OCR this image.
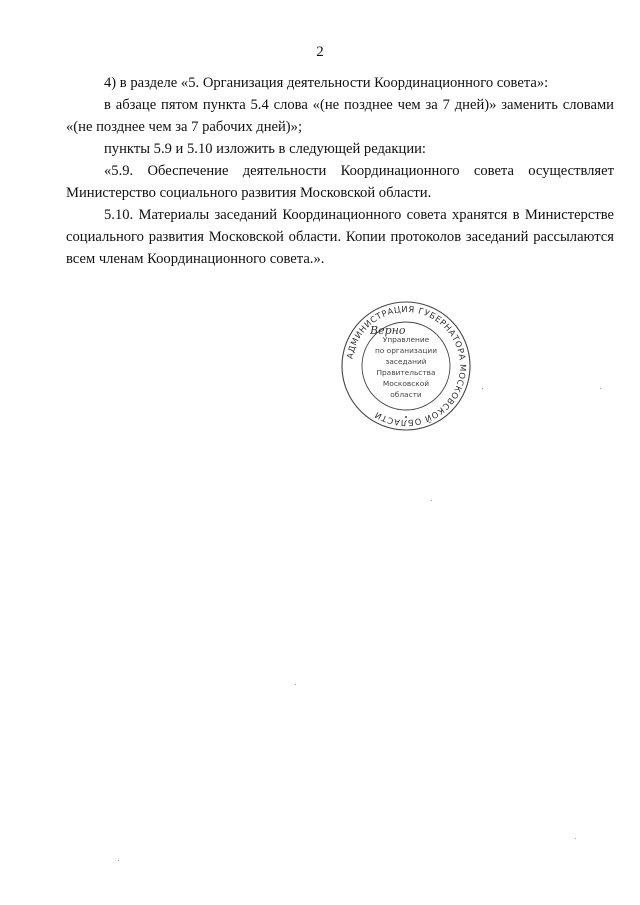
2

4) в разделе «5. Организация деятельности Координационного совета»:

в абзаце пятом пункта 5.4 слова «(не позднее чем за 7 дней)» заменить словами «(не позднее чем за 7 рабочих дней)»;

пункты 5.9 и 5.10 изложить в следующей редакции:

«5.9. Обеспечение деятельности Координационного совета осуществляет Министерство социального развития Московской области.

5.10. Материалы заседаний Координационного совета хранятся в Министерстве социального развития Московской области. Копии протоколов заседаний рассылаются всем членам Координационного совета.».

АДМИНИСТРАЦИЯ ГУБЕРНАТОРА МОСКОВСКОЙ ОБЛАСТИ
Управление
по организации
заседаний
Правительства
Московской
области
Верно
